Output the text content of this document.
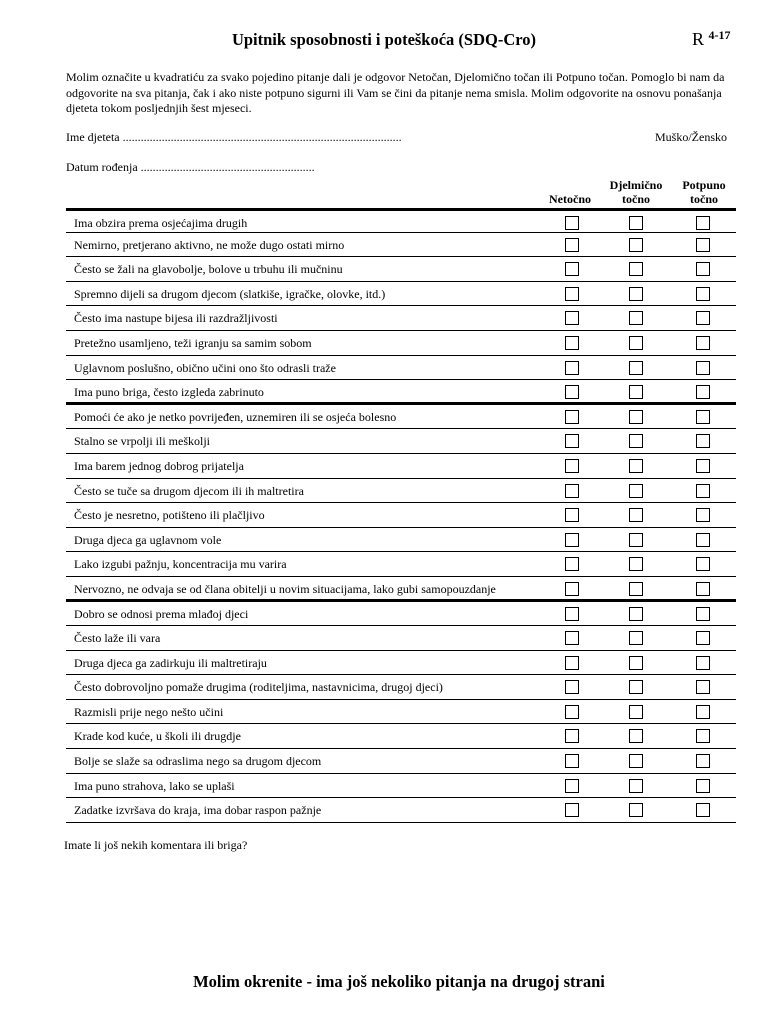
Upitnik sposobnosti i poteškoća (SDQ-Cro)	R $^{4-17}$
Molim označite u kvadratiću za svako pojedino pitanje dali je odgovor Netočan, Djelomično točan ili Potpuno točan. Pomoglo bi nam da odgovorite na sva pitanja, čak i ako niste potpuno sigurni ili Vam se čini da pitanje nema smisla. Molim odgovorite na osnovu ponašanja djeteta tokom posljednjih šest mjeseci.
Ime djeteta .............................................................................................	Muško/Žensko
Datum rođenja ..........................................................
Netočno
Djelmično točno
Potpuno točno
Ima obzira prema osjećajima drugih
Nemirno, pretjerano aktivno, ne može dugo ostati mirno
Često se žali na glavobolje, bolove u trbuhu ili mučninu
Spremno dijeli sa drugom djecom (slatkiše, igračke, olovke, itd.)
Često ima nastupe bijesa ili razdražljivosti
Pretežno usamljeno, teži igranju sa samim sobom
Uglavnom poslušno, obično učini ono što odrasli traže
Ima puno briga, često izgleda zabrinuto
Pomoći će ako je netko povrijeđen, uznemiren ili se osjeća bolesno
Stalno se vrpolji ili meškolji
Ima barem jednog dobrog prijatelja
Često se tuče sa drugom djecom ili ih maltretira
Često je nesretno, potišteno ili plačljivo
Druga djeca ga uglavnom vole
Lako izgubi pažnju, koncentracija mu varira
Nervozno, ne odvaja se od člana obitelji u novim situacijama, lako gubi samopouzdanje
Dobro se odnosi prema mlađoj djeci
Često laže ili vara
Druga djeca ga zadirkuju ili maltretiraju
Često dobrovoljno pomaže drugima (roditeljima, nastavnicima, drugoj djeci)
Razmisli prije nego nešto učini
Krade kod kuće, u školi ili drugdje
Bolje se slaže sa odraslima nego sa drugom djecom
Ima puno strahova, lako se uplaši
Zadatke izvršava do kraja, ima dobar raspon pažnje
Imate li još nekih komentara ili briga?
Molim okrenite - ima još nekoliko pitanja na drugoj strani
